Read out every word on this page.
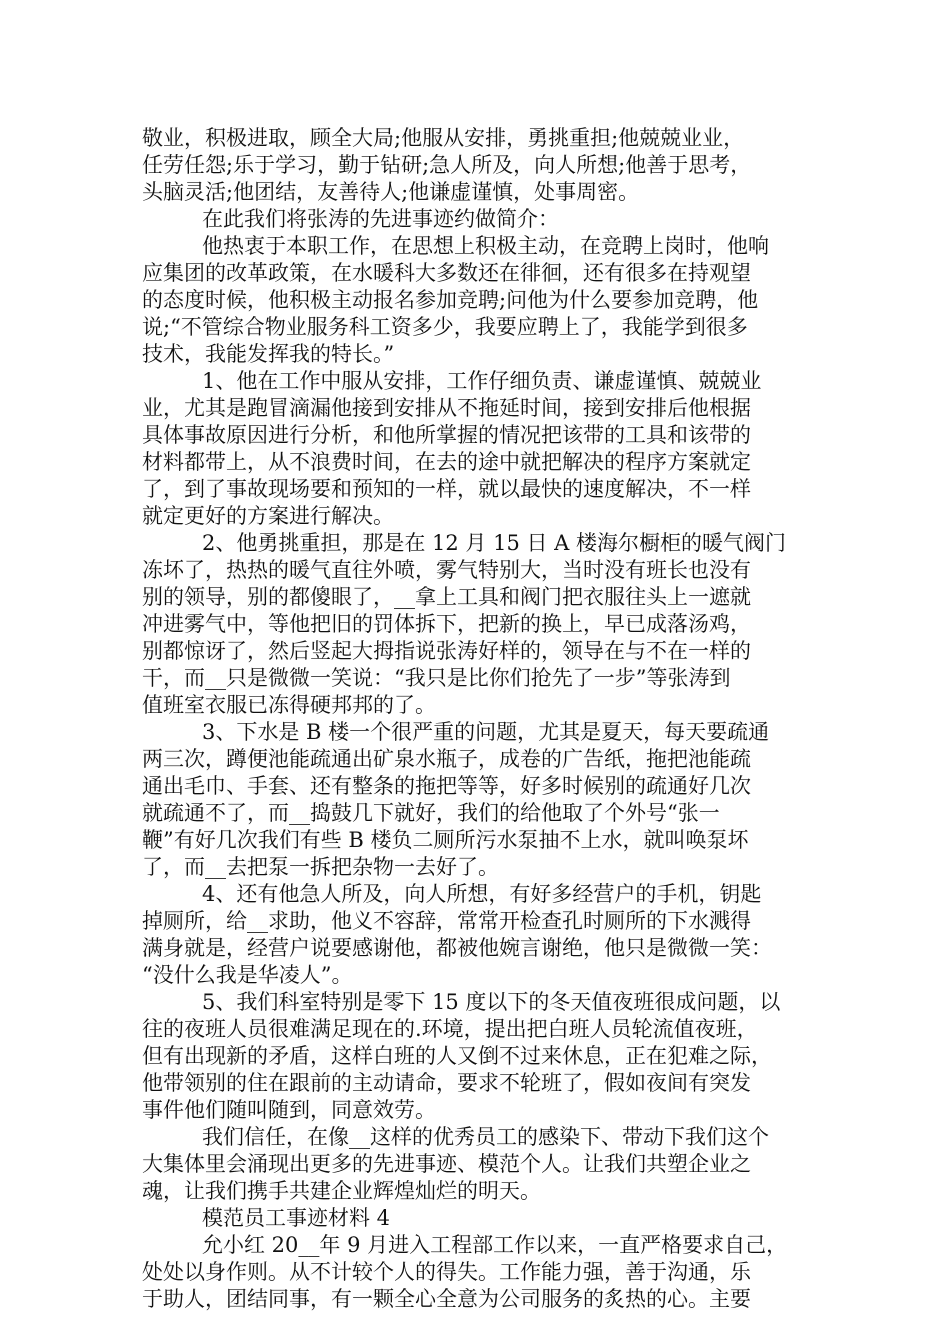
敬业，积极进取，顾全大局;他服从安排，勇挑重担;他兢兢业业，
任劳任怨;乐于学习，勤于钻研;急人所及，向人所想;他善于思考，
头脑灵活;他团结，友善待人;他谦虚谨慎，处事周密。
在此我们将张涛的先进事迹约做简介：
他热衷于本职工作，在思想上积极主动，在竞聘上岗时，他响
应集团的改革政策，在水暖科大多数还在徘徊，还有很多在持观望
的态度时候，他积极主动报名参加竞聘;问他为什么要参加竞聘，他
说;“不管综合物业服务科工资多少，我要应聘上了，我能学到很多
技术，我能发挥我的特长。”
1、他在工作中服从安排，工作仔细负责、谦虚谨慎、兢兢业
业，尤其是跑冒滴漏他接到安排从不拖延时间，接到安排后他根据
具体事故原因进行分析，和他所掌握的情况把该带的工具和该带的
材料都带上，从不浪费时间，在去的途中就把解决的程序方案就定
了，到了事故现场要和预知的一样，就以最快的速度解决，不一样
就定更好的方案进行解决。
2、他勇挑重担，那是在 12 月 15 日 A 楼海尔橱柜的暖气阀门
冻坏了，热热的暖气直往外喷，雾气特别大，当时没有班长也没有
别的领导，别的都傻眼了，__拿上工具和阀门把衣服往头上一遮就
冲进雾气中，等他把旧的罚体拆下，把新的换上，早已成落汤鸡，
别都惊讶了，然后竖起大拇指说张涛好样的，领导在与不在一样的
干，而__只是微微一笑说：“我只是比你们抢先了一步”等张涛到
值班室衣服已冻得硬邦邦的了。
3、下水是 B 楼一个很严重的问题，尤其是夏天，每天要疏通
两三次，蹲便池能疏通出矿泉水瓶子，成卷的广告纸，拖把池能疏
通出毛巾、手套、还有整条的拖把等等，好多时候别的疏通好几次
就疏通不了，而__捣鼓几下就好，我们的给他取了个外号“张一
鞭”有好几次我们有些 B 楼负二厕所污水泵抽不上水，就叫唤泵坏
了，而__去把泵一拆把杂物一去好了。
4、还有他急人所及，向人所想，有好多经营户的手机，钥匙
掉厕所，给__求助，他义不容辞，常常开检查孔时厕所的下水溅得
满身就是，经营户说要感谢他，都被他婉言谢绝，他只是微微一笑：
“没什么我是华凌人”。
5、我们科室特别是零下 15 度以下的冬天值夜班很成问题，以
往的夜班人员很难满足现在的.环境，提出把白班人员轮流值夜班，
但有出现新的矛盾，这样白班的人又倒不过来休息，正在犯难之际，
他带领别的住在跟前的主动请命，要求不轮班了，假如夜间有突发
事件他们随叫随到，同意效劳。
我们信任，在像__这样的优秀员工的感染下、带动下我们这个
大集体里会涌现出更多的先进事迹、模范个人。让我们共塑企业之
魂，让我们携手共建企业辉煌灿烂的明天。
模范员工事迹材料 4
允小红 20__年 9 月进入工程部工作以来，一直严格要求自己，
处处以身作则。从不计较个人的得失。工作能力强，善于沟通，乐
于助人，团结同事，有一颗全心全意为公司服务的炙热的心。主要
